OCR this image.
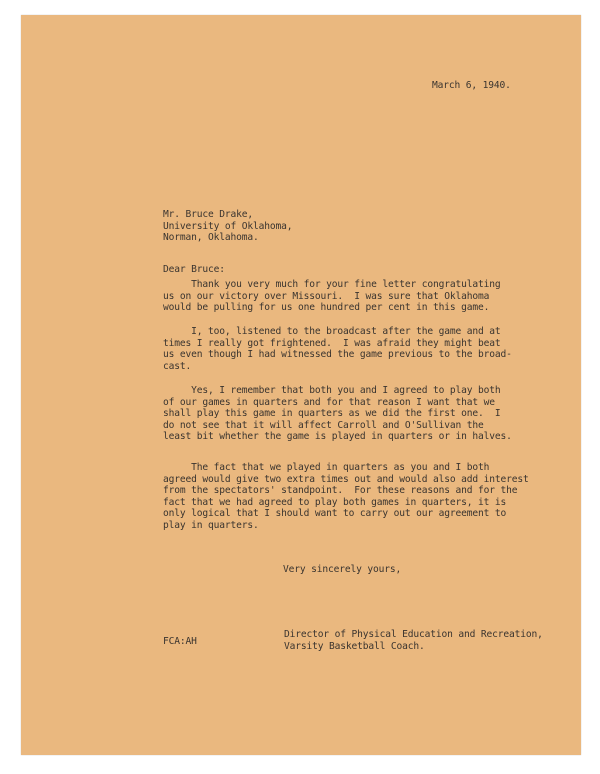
March 6, 1940.
Mr. Bruce Drake,
University of Oklahoma,
Norman, Oklahoma.
Dear Bruce:
Thank you very much for your fine letter congratulating
us on our victory over Missouri.  I was sure that Oklahoma
would be pulling for us one hundred per cent in this game.
I, too, listened to the broadcast after the game and at
times I really got frightened.  I was afraid they might beat
us even though I had witnessed the game previous to the broad-
cast.
Yes, I remember that both you and I agreed to play both
of our games in quarters and for that reason I want that we
shall play this game in quarters as we did the first one.  I
do not see that it will affect Carroll and O'Sullivan the
least bit whether the game is played in quarters or in halves.
The fact that we played in quarters as you and I both
agreed would give two extra times out and would also add interest
from the spectators' standpoint.  For these reasons and for the
fact that we had agreed to play both games in quarters, it is
only logical that I should want to carry out our agreement to
play in quarters.
Very sincerely yours,
FCA:AH
Director of Physical Education and Recreation,
Varsity Basketball Coach.
